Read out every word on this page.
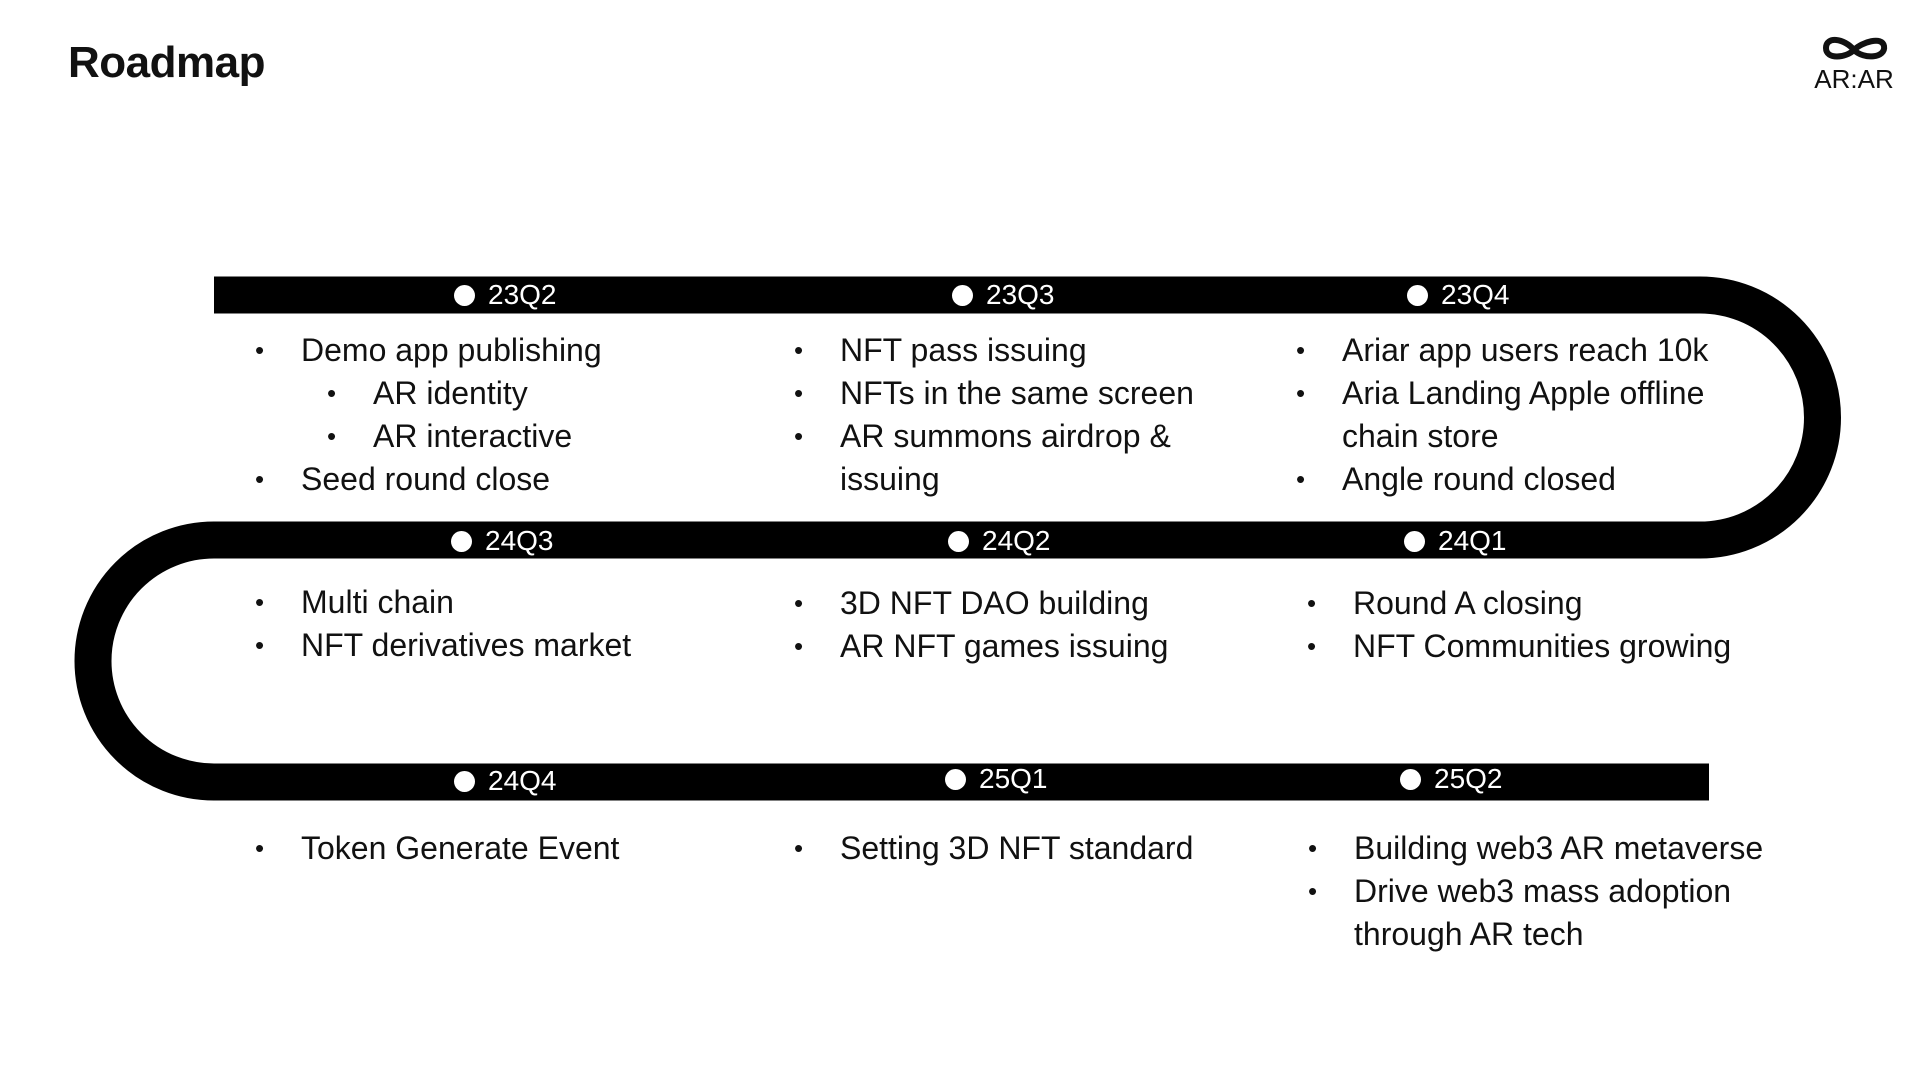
Roadmap	AR:AR
23Q2	23Q3	23Q4
24Q3	24Q2	24Q1
24Q4	25Q1	25Q2
• Demo app publishing
• AR identity
• AR interactive
• Seed round close
• NFT pass issuing
• NFTs in the same screen
• AR summons airdrop &
issuing
• Ariar app users reach 10k
• Aria Landing Apple offline
chain store
• Angle round closed
• Multi chain
• NFT derivatives market
• 3D NFT DAO building
• AR NFT games issuing
• Round A closing
• NFT Communities growing
• Token Generate Event	• Setting 3D NFT standard	• Building web3 AR metaverse
• Drive web3 mass adoption
through AR tech
